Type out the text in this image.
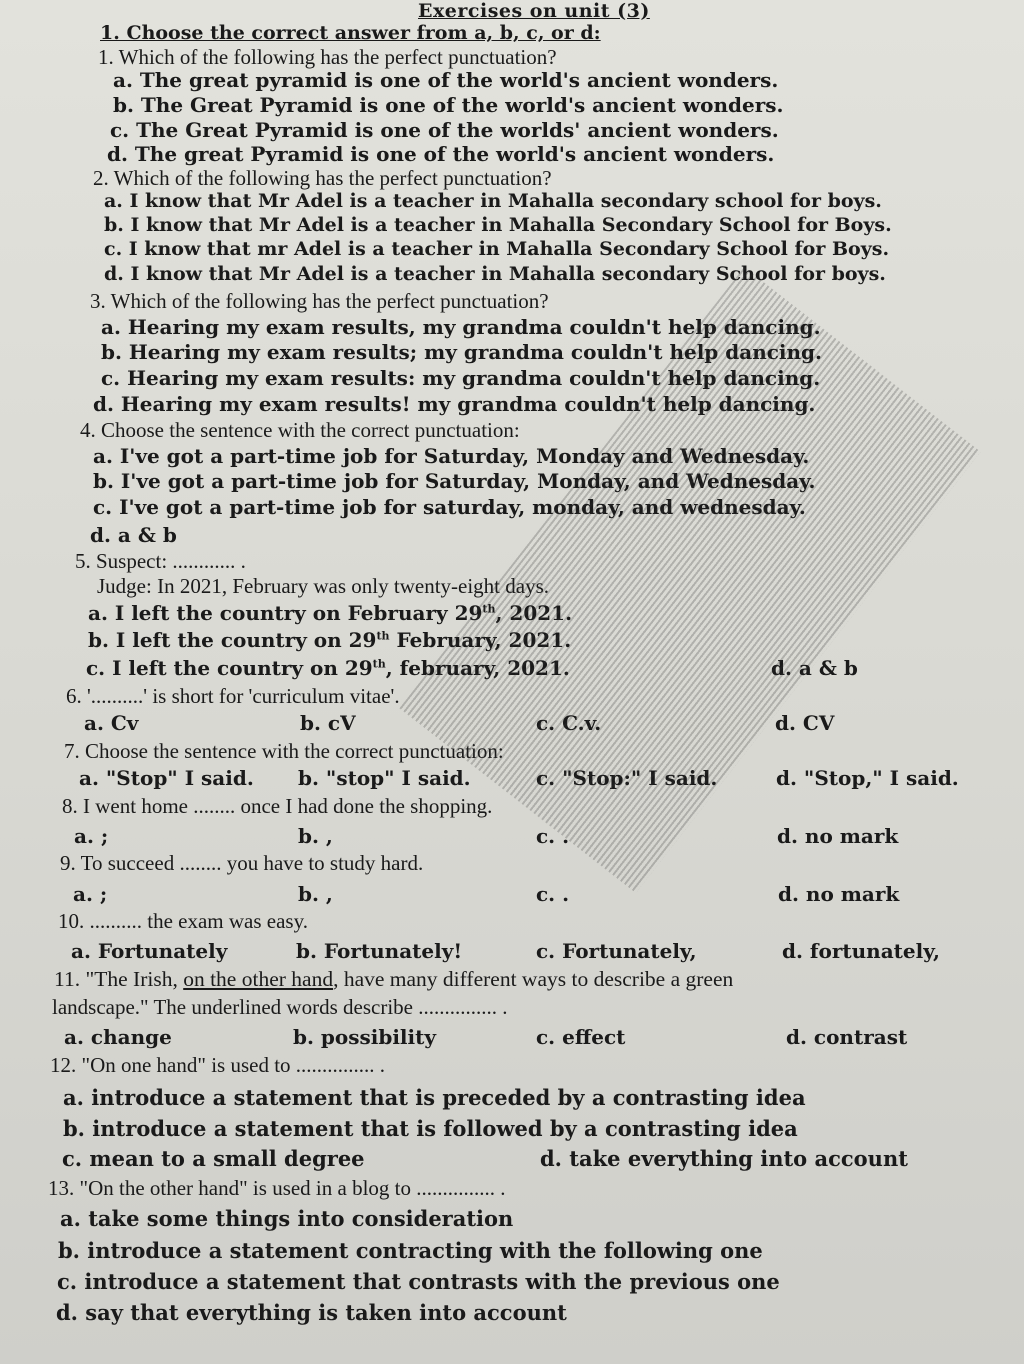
Exercises on unit (3)
1. Choose the correct answer from a, b, c, or d:
1. Which of the following has the perfect punctuation?
a. The great pyramid is one of the world's ancient wonders.
b. The Great Pyramid is one of the world's ancient wonders.
c. The Great Pyramid is one of the worlds' ancient wonders.
d. The great Pyramid is one of the world's ancient wonders.
2. Which of the following has the perfect punctuation?
a. I know that Mr Adel is a teacher in Mahalla secondary school for boys.
b. I know that Mr Adel is a teacher in Mahalla Secondary School for Boys.
c. I know that mr Adel is a teacher in Mahalla Secondary School for Boys.
d. I know that Mr Adel is a teacher in Mahalla secondary School for boys.
3. Which of the following has the perfect punctuation?
a. Hearing my exam results, my grandma couldn't help dancing.
b. Hearing my exam results; my grandma couldn't help dancing.
c. Hearing my exam results: my grandma couldn't help dancing.
d. Hearing my exam results! my grandma couldn't help dancing.
4. Choose the sentence with the correct punctuation:
a. I've got a part-time job for Saturday, Monday and Wednesday.
b. I've got a part-time job for Saturday, Monday, and Wednesday.
c. I've got a part-time job for saturday, monday, and wednesday.
d. a & b
5. Suspect: ............ .
Judge: In 2021, February was only twenty-eight days.
a. I left the country on February 29th, 2021.
b. I left the country on 29th February, 2021.
c. I left the country on 29th, february, 2021.	d. a & b
6. '..........' is short for 'curriculum vitae'.
a. Cv	b. cV	c. C.v.	d. CV
7. Choose the sentence with the correct punctuation:
a. "Stop" I said. b. "stop" I said.	c. "Stop:" I said.	d. "Stop," I said.
8. I went home ........ once I had done the shopping.
a. ;	b. ,	c. .	d. no mark
9. To succeed ........ you have to study hard.
a. ;	b. ,	c. .	d. no mark
10. .......... the exam was easy.
a. Fortunately	b. Fortunately!	c. Fortunately,	d. fortunately,
11. "The Irish, on the other hand, have many different ways to describe a green
landscape." The underlined words describe ............... .
a. change	b. possibility	c. effect	d. contrast
12. "On one hand" is used to ............... .
a. introduce a statement that is preceded by a contrasting idea
b. introduce a statement that is followed by a contrasting idea
c. mean to a small degree	d. take everything into account
13. "On the other hand" is used in a blog to ............... .
a. take some things into consideration
b. introduce a statement contracting with the following one
c. introduce a statement that contrasts with the previous one
d. say that everything is taken into account
